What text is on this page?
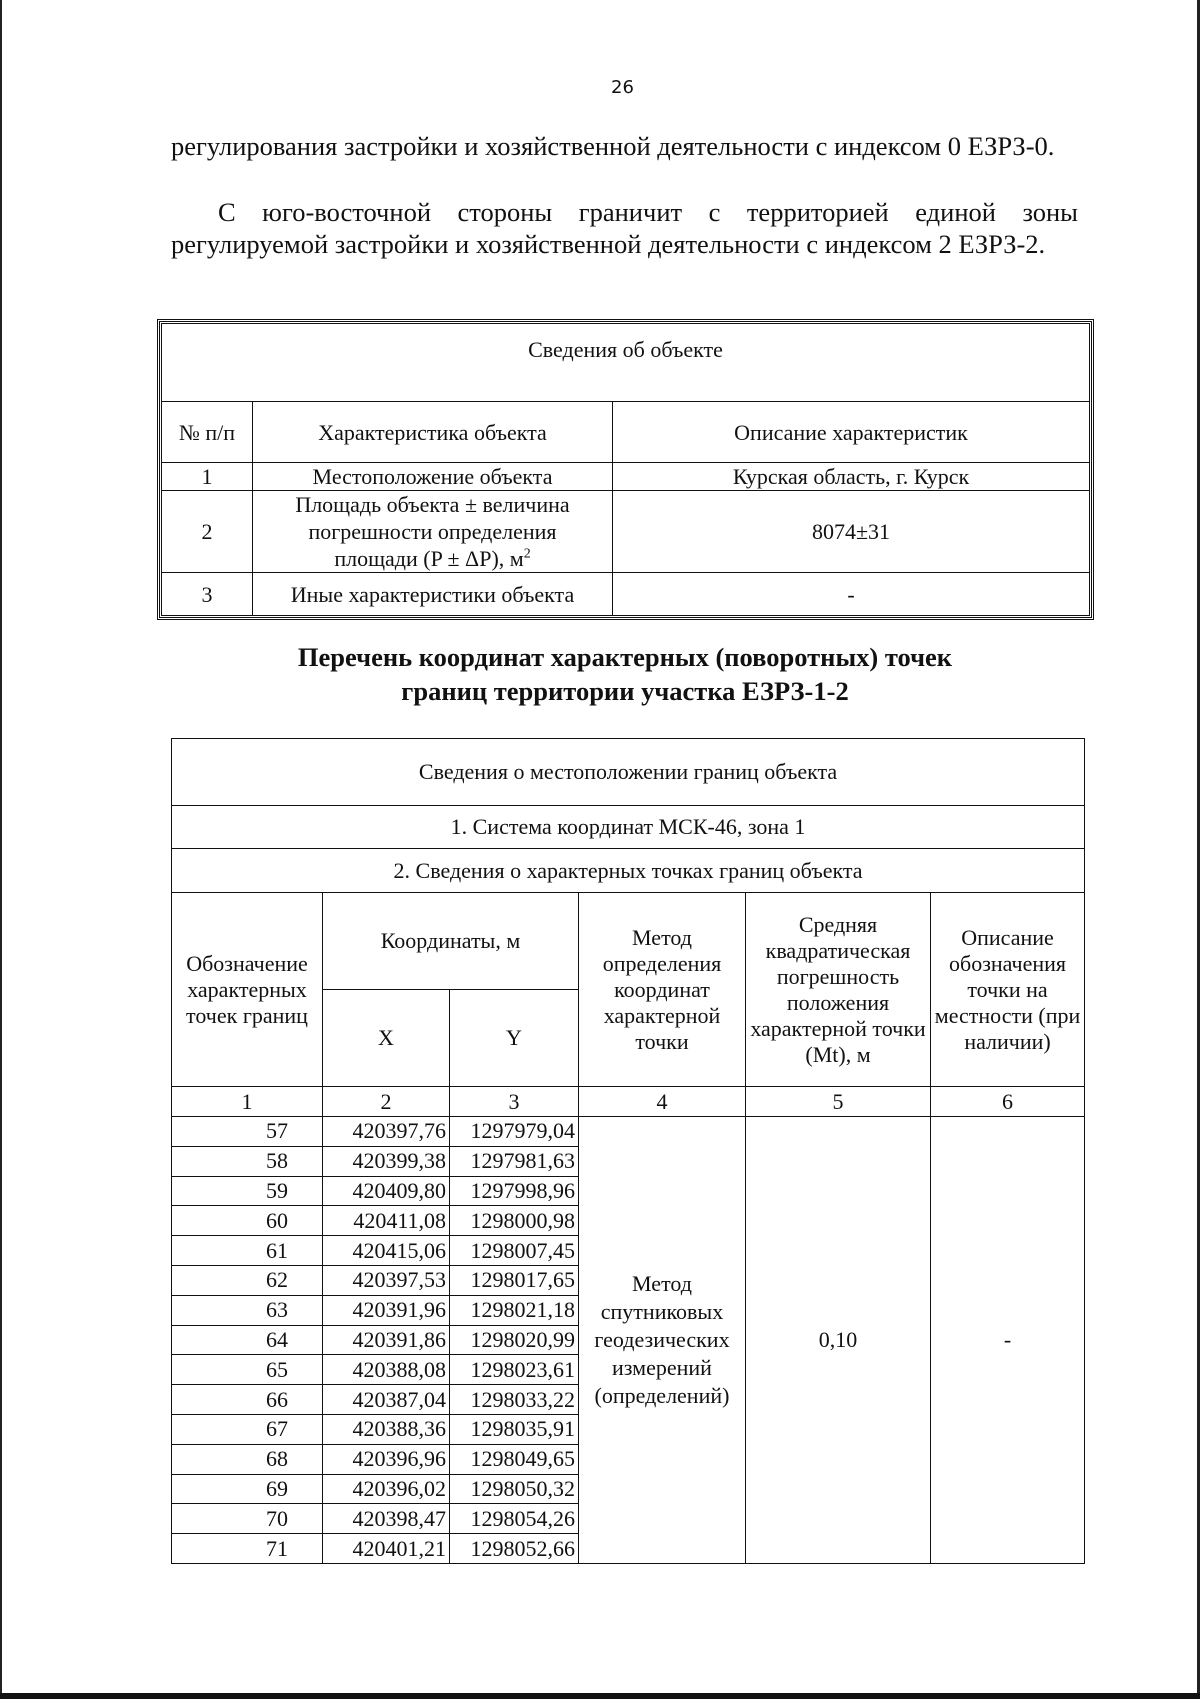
26

регулирования застройки и хозяйственной деятельности с индексом 0 ЕЗРЗ-0.

С юго-восточной стороны граничит с территорией единой зоны регулируемой застройки и хозяйственной деятельности с индексом 2 ЕЗРЗ-2.

Сведения об объекте		
№ п/п	Характеристика объекта	Описание характеристик
1	Местоположение объекта	Курская область, г. Курск
2	Площадь объекта ± величина
погрешности определения
площади (P ± ΔP), $м^2$	8074±31
3	Иные характеристики объекта	-
Перечень координат характерных (поворотных) точек
границ территории участка ЕЗРЗ-1-2
Сведения о местоположении границ объекта					
1. Система координат МСК-46, зона 1					
2. Сведения о характерных точках границ объекта					
Обозначение характерных точек границ	Координаты, м		Метод определения координат характерной точки	Средняя квадратическая погрешность положения характерной точки (Mt), м	Описание обозначения точки на местности (при наличии)
	X	Y			
1	2	3	4	5	6
57	420397,76	1297979,04	Метод спутниковых геодезических измерений (определений)	0,10	-
58	420399,38	1297981,63			
59	420409,80	1297998,96			
60	420411,08	1298000,98			
61	420415,06	1298007,45			
62	420397,53	1298017,65			
63	420391,96	1298021,18			
64	420391,86	1298020,99			
65	420388,08	1298023,61			
66	420387,04	1298033,22			
67	420388,36	1298035,91			
68	420396,96	1298049,65			
69	420396,02	1298050,32			
70	420398,47	1298054,26			
71	420401,21	1298052,66			
